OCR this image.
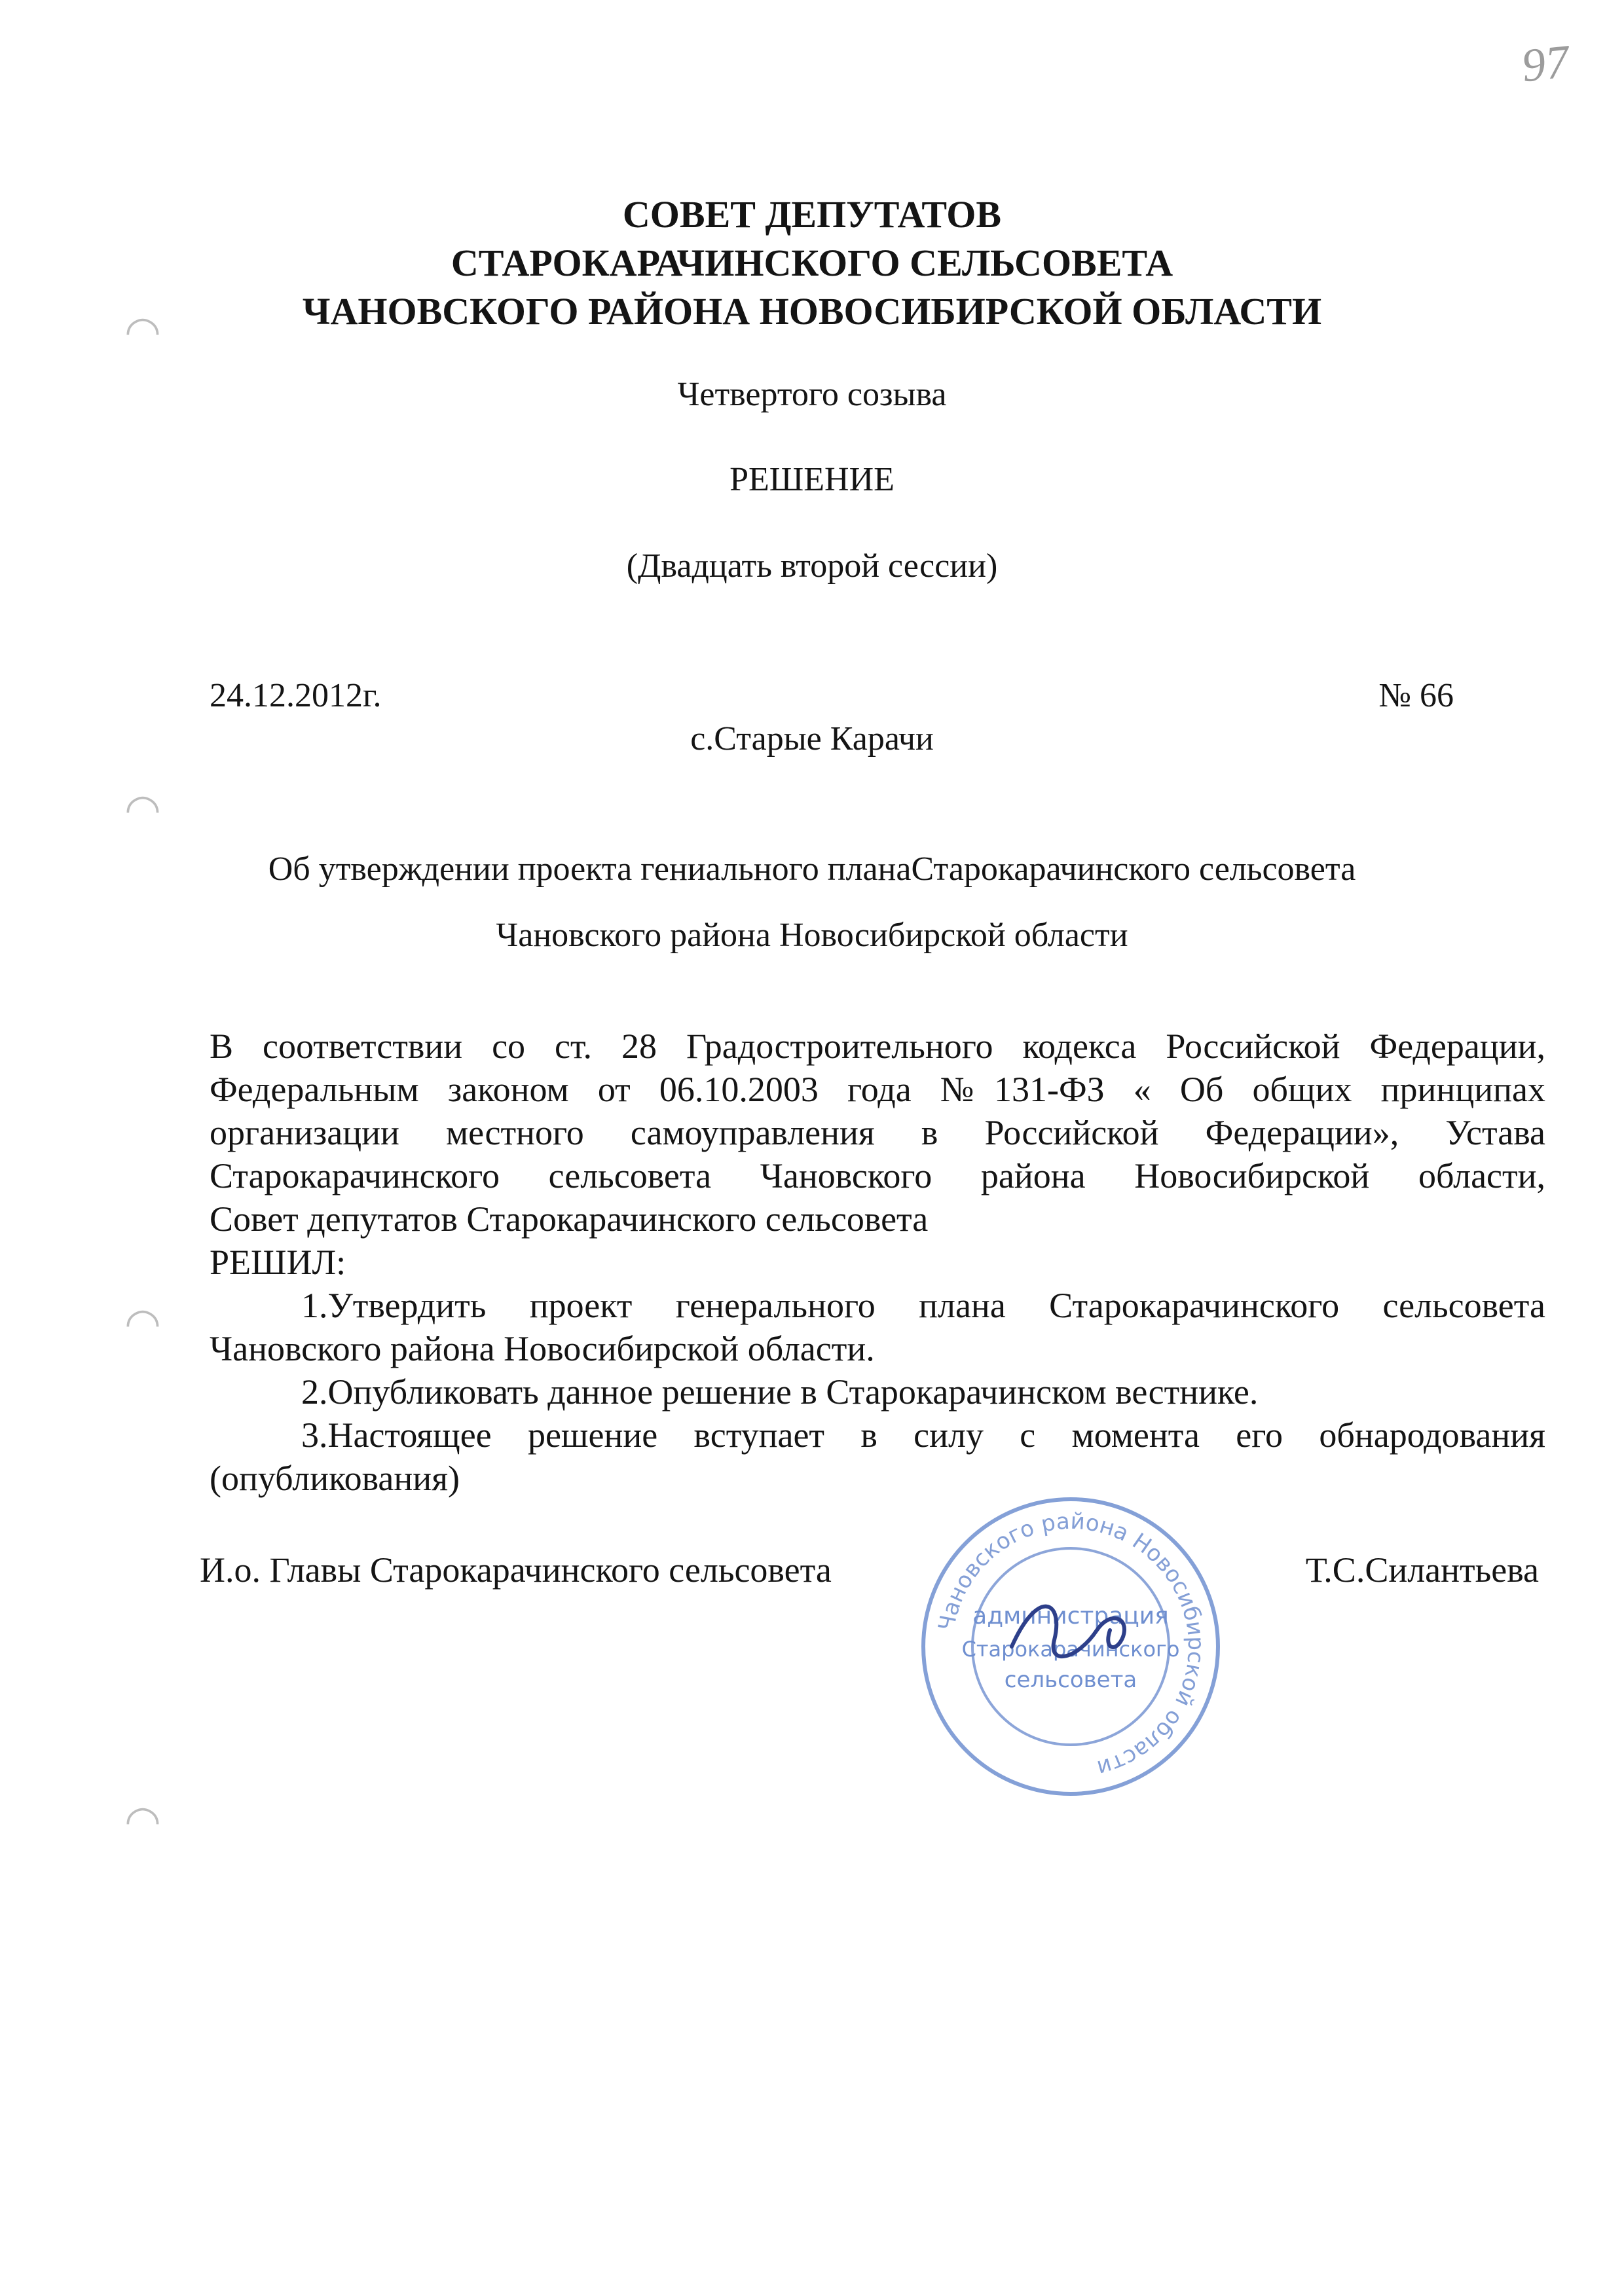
97
◠
◠
◠
◠
СОВЕТ ДЕПУТАТОВ
СТАРОКАРАЧИНСКОГО СЕЛЬСОВЕТА
ЧАНОВСКОГО РАЙОНА НОВОСИБИРСКОЙ ОБЛАСТИ
Четвертого созыва
РЕШЕНИЕ
(Двадцать второй сессии)
24.12.2012г.	№ 66
с.Старые Карачи
Об утверждении проекта гениального планаСтарокарачинского сельсовета
Чановского района Новосибирской области
В соответствии со ст. 28 Градостроительного кодекса Российской Федерации,
Федеральным законом от 06.10.2003 года №131-ФЗ « Об общих принципах
организации местного самоуправления в Российской Федерации», Устава
Старокарачинского сельсовета Чановского района Новосибирской области,
Совет депутатов Старокарачинского сельсовета
РЕШИЛ:
1.Утвердить проект генерального плана Старокарачинского сельсовета
Чановского района Новосибирской области.
2.Опубликовать данное решение в Старокарачинском вестнике.
3.Настоящее решение вступает в силу с момента его обнародования
(опубликования)
И.о. Главы Старокарачинского сельсовета	Т.С.Силантьева
Чановского района Новосибирской области
администрация
Старокарачинского
сельсовета
